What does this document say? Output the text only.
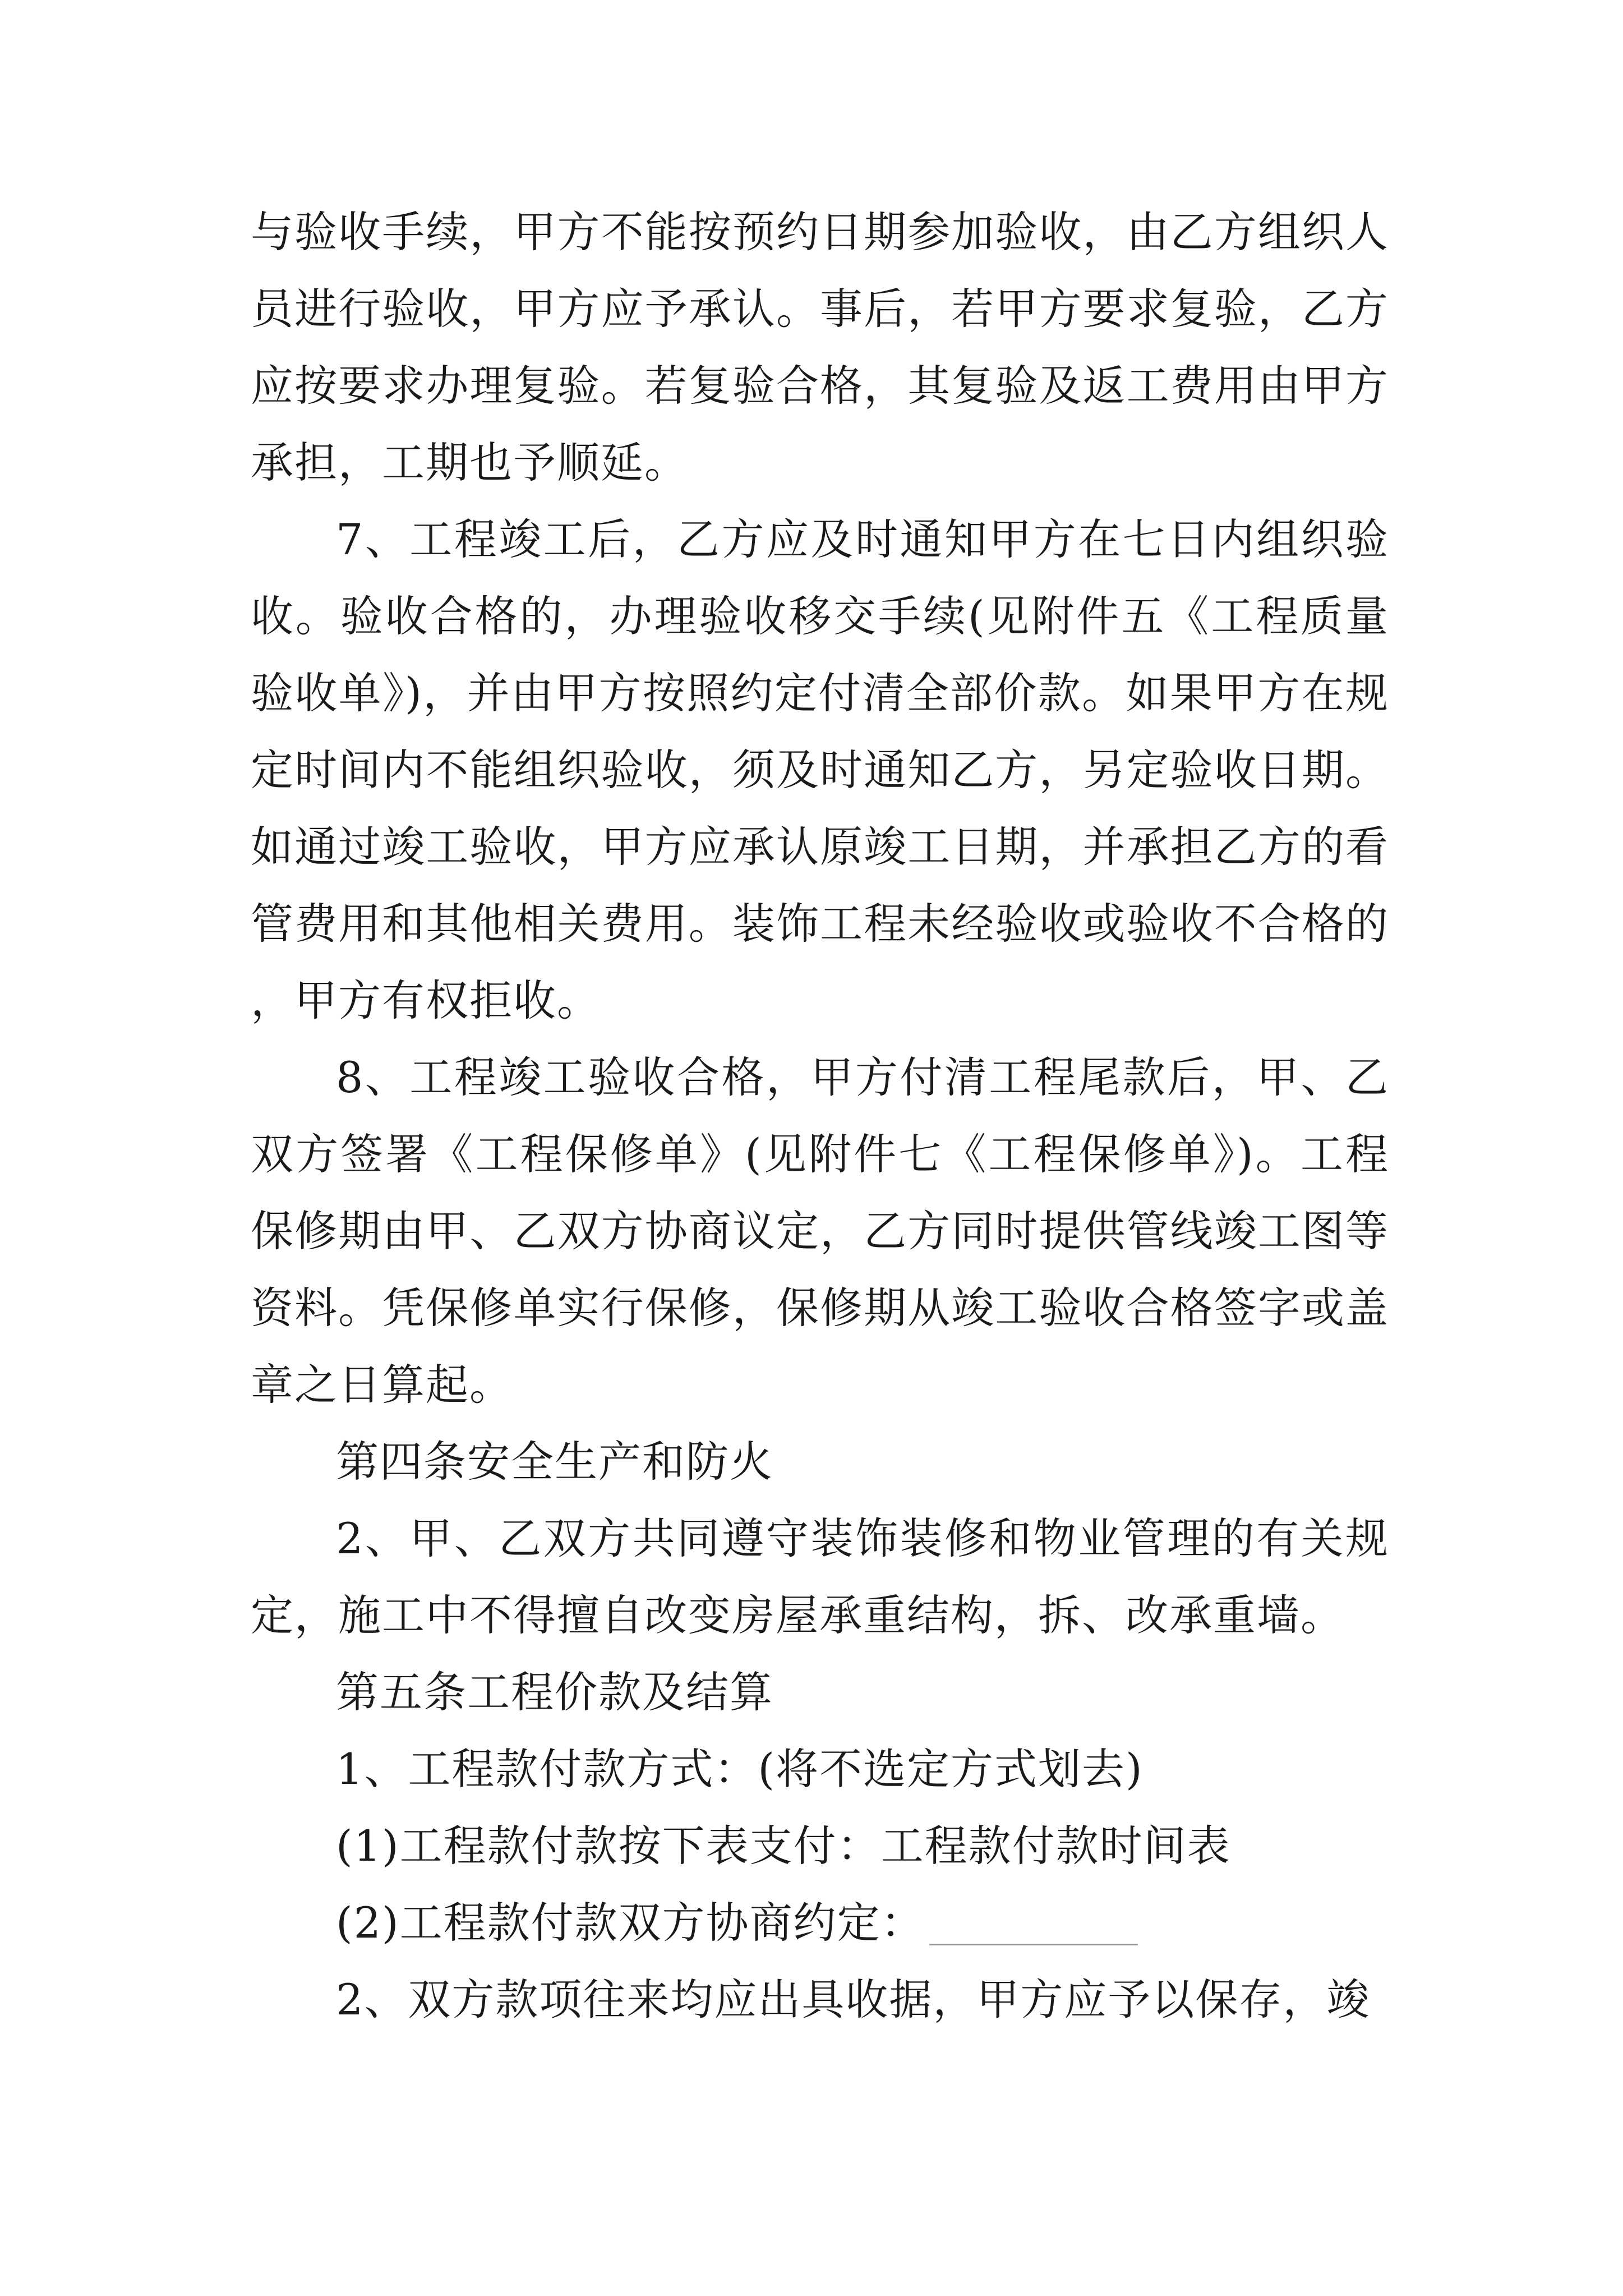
与验收手续，甲方不能按预约日期参加验收，由乙方组织人员进行验收，甲方应予承认。事后，若甲方要求复验，乙方应按要求办理复验。若复验合格，其复验及返工费用由甲方承担，工期也予顺延。

7、工程竣工后，乙方应及时通知甲方在七日内组织验收。验收合格的，办理验收移交手续(见附件五《工程质量验收单》)，并由甲方按照约定付清全部价款。如果甲方在规定时间内不能组织验收，须及时通知乙方，另定验收日期。如通过竣工验收，甲方应承认原竣工日期，并承担乙方的看管费用和其他相关费用。装饰工程未经验收或验收不合格的，甲方有权拒收。

8、工程竣工验收合格，甲方付清工程尾款后，甲、乙双方签署《工程保修单》(见附件七《工程保修单》)。工程保修期由甲、乙双方协商议定，乙方同时提供管线竣工图等资料。凭保修单实行保修，保修期从竣工验收合格签字或盖章之日算起。

第四条安全生产和防火

2、甲、乙双方共同遵守装饰装修和物业管理的有关规定，施工中不得擅自改变房屋承重结构，拆、改承重墙。

第五条工程价款及结算

1、工程款付款方式：(将不选定方式划去)

(1)工程款付款按下表支付：工程款付款时间表

(2)工程款付款双方协商约定：

2、双方款项往来均应出具收据，甲方应予以保存，竣
